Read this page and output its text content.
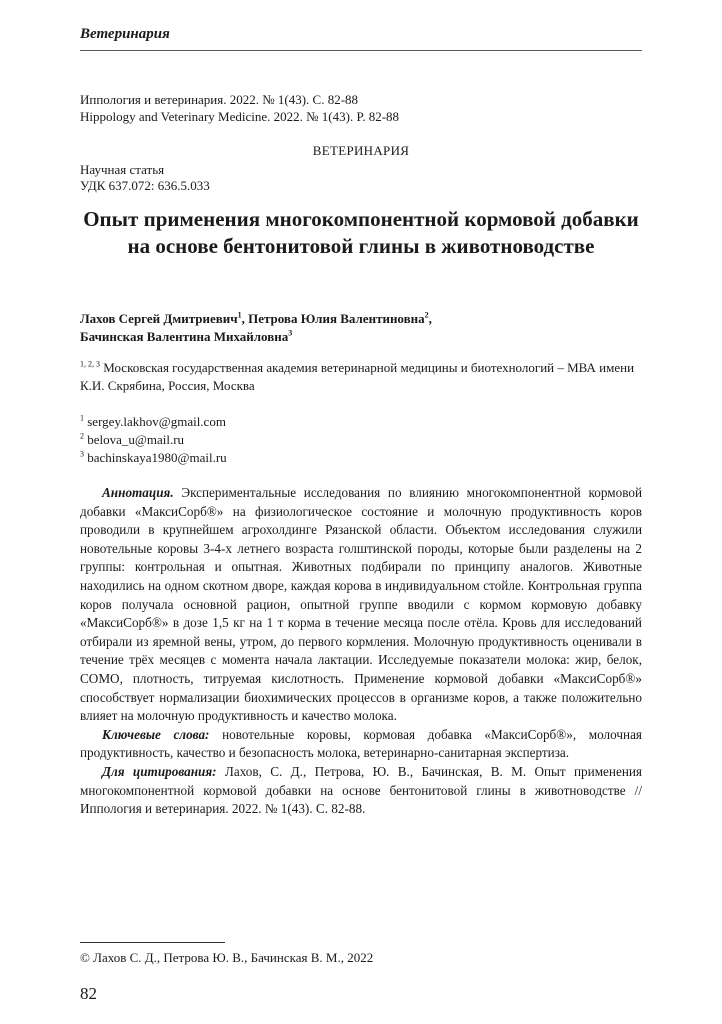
Ветеринария
Иппология и ветеринария. 2022. № 1(43). С. 82-88
Hippology and Veterinary Medicine. 2022. № 1(43). P. 82-88
ВЕТЕРИНАРИЯ
Научная статья
УДК 637.072: 636.5.033
Опыт применения многокомпонентной кормовой добавки на основе бентонитовой глины в животноводстве
Лахов Сергей Дмитриевич$^1$, Петрова Юлия Валентиновна$^2$,
Бачинская Валентина Михайловна$^3$
$^{1, 2, 3}$ Московская государственная академия ветеринарной медицины и биотехнологий – МВА имени К.И. Скрябина, Россия, Москва
$^1$ sergey.lakhov@gmail.com
$^2$ belova_u@mail.ru
$^3$ bachinskaya1980@mail.ru

Аннотация. Экспериментальные исследования по влиянию многокомпонентной кормовой добавки «МаксиСорб®» на физиологическое состояние и молочную продуктивность коров проводили в крупнейшем агрохолдинге Рязанской области. Объектом исследования служили новотельные коровы 3-4-х летнего возраста голштинской породы, которые были разделены на 2 группы: контрольная и опытная. Животных подбирали по принципу аналогов. Животные находились на одном скотном дворе, каждая корова в индивидуальном стойле. Контрольная группа коров получала основной рацион, опытной группе вводили с кормом кормовую добавку «МаксиСорб®» в дозе 1,5 кг на 1 т корма в течение месяца после отёла. Кровь для исследований отбирали из яремной вены, утром, до первого кормления. Молочную продуктивность оценивали в течение трёх месяцев с момента начала лактации. Исследуемые показатели молока: жир, белок, СОМО, плотность, титруемая кислотность. Применение кормовой добавки «МаксиСорб®» способствует нормализации биохимических процессов в организме коров, а также положительно влияет на молочную продуктивность и качество молока.

Ключевые слова: новотельные коровы, кормовая добавка «МаксиСорб®», молочная продуктивность, качество и безопасность молока, ветеринарно-санитарная экспертиза.

Для цитирования: Лахов, С. Д., Петрова, Ю. В., Бачинская, В. М. Опыт применения многокомпонентной кормовой добавки на основе бентонитовой глины в животноводстве // Иппология и ветеринария. 2022. № 1(43). С. 82-88.

© Лахов С. Д., Петрова Ю. В., Бачинская В. М., 2022
82
